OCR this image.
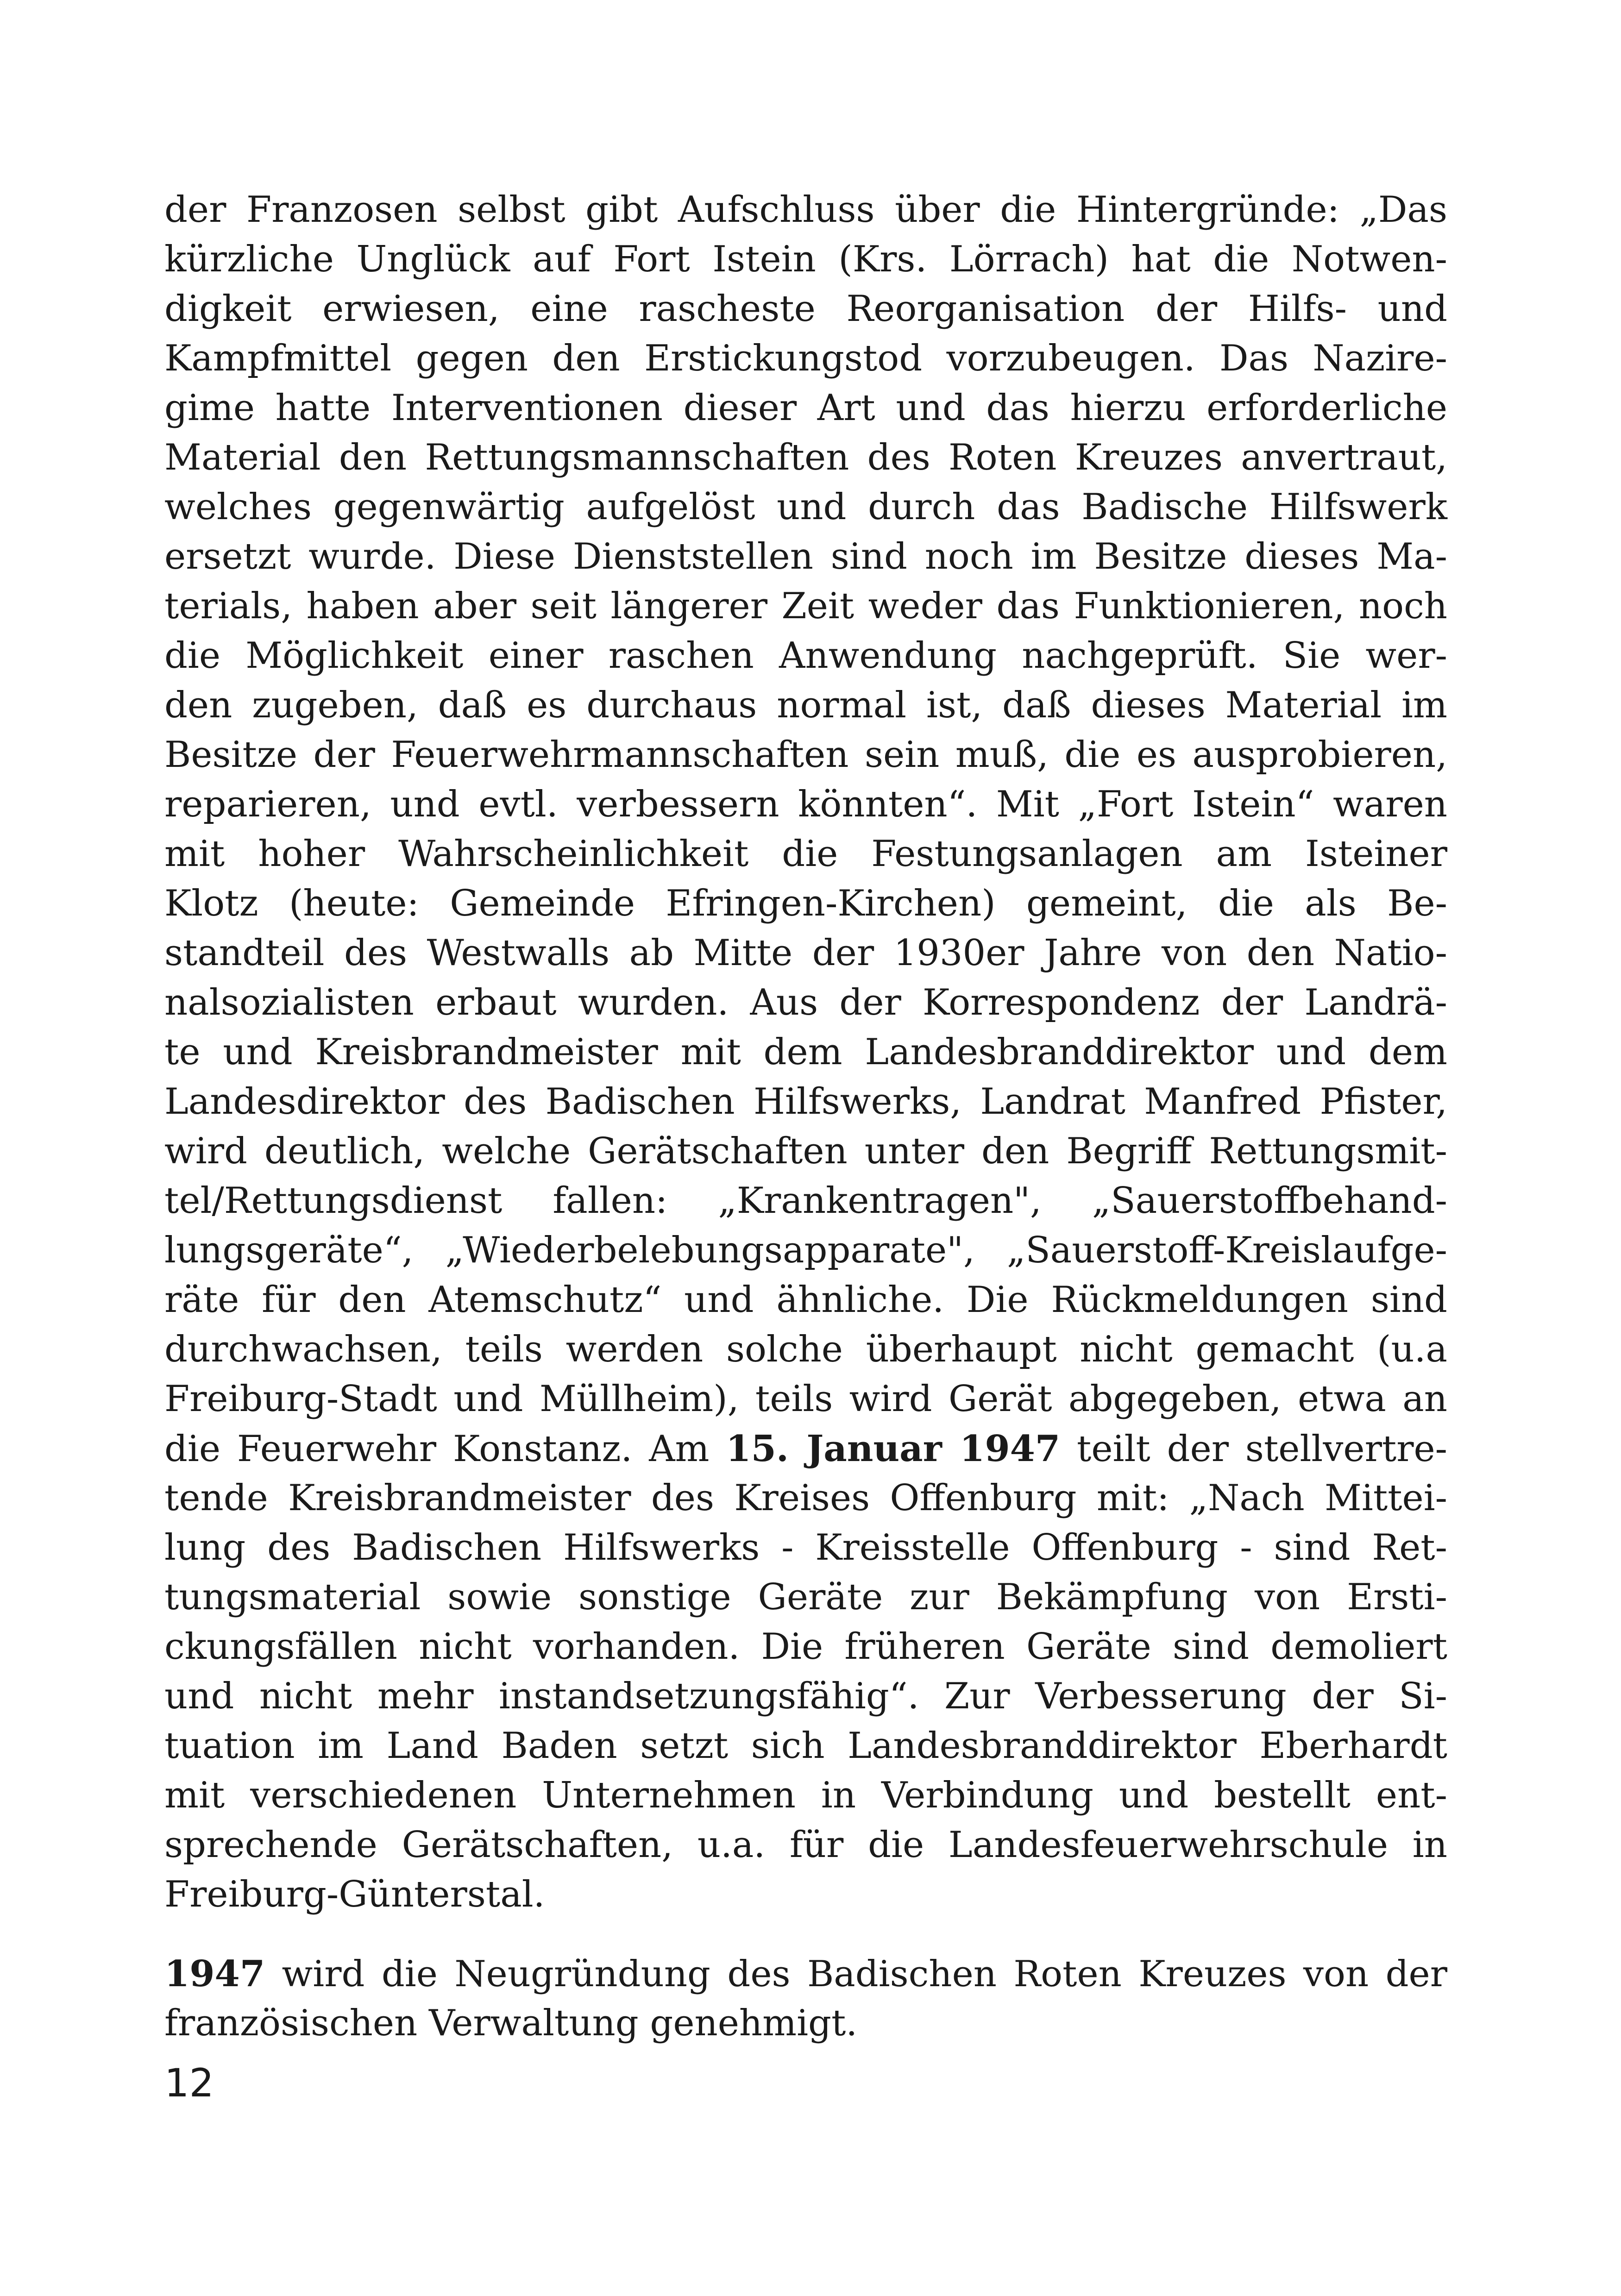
der Franzosen selbst gibt Aufschluss über die Hintergründe: „Das
kürzliche Unglück auf Fort Istein (Krs. Lörrach) hat die Notwen-
digkeit erwiesen, eine rascheste Reorganisation der Hilfs- und
Kampfmittel gegen den Erstickungstod vorzubeugen. Das Nazire-
gime hatte Interventionen dieser Art und das hierzu erforderliche
Material den Rettungsmannschaften des Roten Kreuzes anvertraut,
welches gegenwärtig aufgelöst und durch das Badische Hilfswerk
ersetzt wurde. Diese Dienststellen sind noch im Besitze dieses Ma-
terials, haben aber seit längerer Zeit weder das Funktionieren, noch
die Möglichkeit einer raschen Anwendung nachgeprüft. Sie wer-
den zugeben, daß es durchaus normal ist, daß dieses Material im
Besitze der Feuerwehrmannschaften sein muß, die es ausprobieren,
reparieren, und evtl. verbessern könnten“. Mit „Fort Istein“ waren
mit hoher Wahrscheinlichkeit die Festungsanlagen am Isteiner
Klotz (heute: Gemeinde Efringen-Kirchen) gemeint, die als Be-
standteil des Westwalls ab Mitte der 1930er Jahre von den Natio-
nalsozialisten erbaut wurden. Aus der Korrespondenz der Landrä-
te und Kreisbrandmeister mit dem Landesbranddirektor und dem
Landesdirektor des Badischen Hilfswerks, Landrat Manfred Pfister,
wird deutlich, welche Gerätschaften unter den Begriff Rettungsmit-
tel/Rettungsdienst fallen: „Krankentragen", „Sauerstoffbehand-
lungsgeräte“, „Wiederbelebungsapparate", „Sauerstoff-Kreislaufge-
räte für den Atemschutz“ und ähnliche. Die Rückmeldungen sind
durchwachsen, teils werden solche überhaupt nicht gemacht (u.a
Freiburg-Stadt und Müllheim), teils wird Gerät abgegeben, etwa an
die Feuerwehr Konstanz. Am 15. Januar 1947 teilt der stellvertre-
tende Kreisbrandmeister des Kreises Offenburg mit: „Nach Mittei-
lung des Badischen Hilfswerks - Kreisstelle Offenburg - sind Ret-
tungsmaterial sowie sonstige Geräte zur Bekämpfung von Ersti-
ckungsfällen nicht vorhanden. Die früheren Geräte sind demoliert
und nicht mehr instandsetzungsfähig“. Zur Verbesserung der Si-
tuation im Land Baden setzt sich Landesbranddirektor Eberhardt
mit verschiedenen Unternehmen in Verbindung und bestellt ent-
sprechende Gerätschaften, u.a. für die Landesfeuerwehrschule in
Freiburg-Günterstal.
1947 wird die Neugründung des Badischen Roten Kreuzes von der
französischen Verwaltung genehmigt.
12
